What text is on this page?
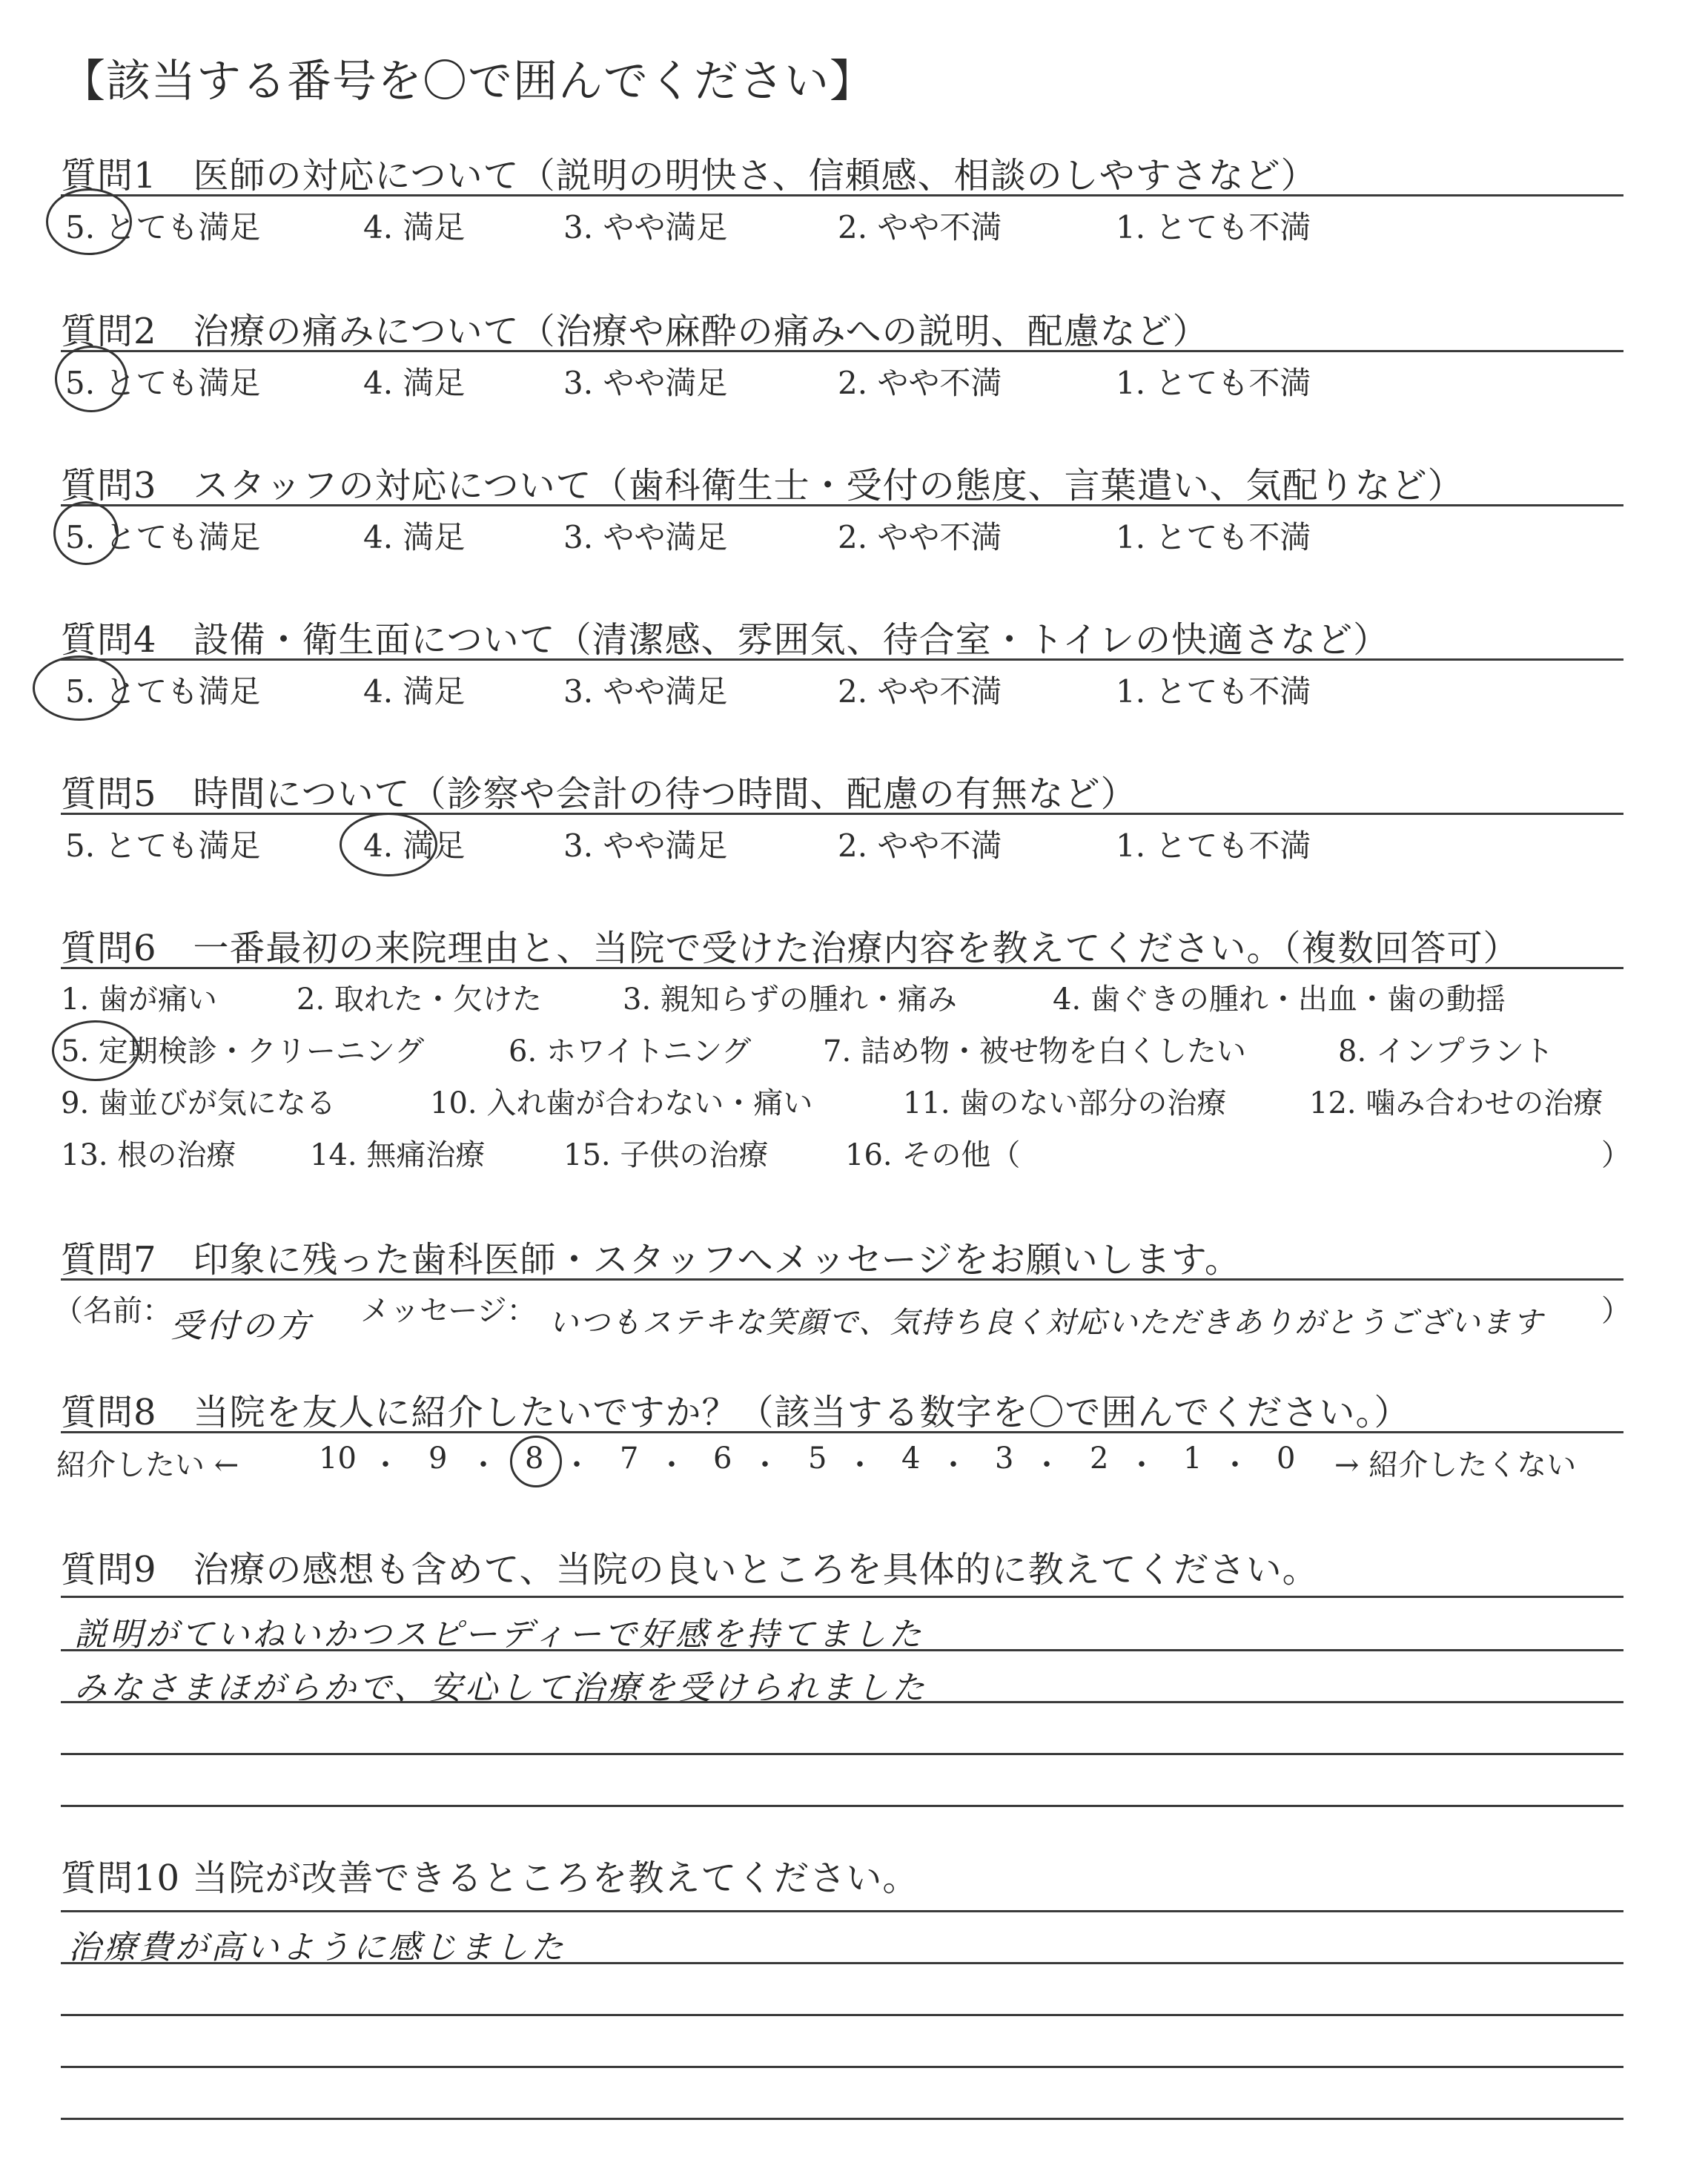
【該当する番号を〇で囲んでください】
質問1　医師の対応について（説明の明快さ、信頼感、相談のしやすさなど）
5. とても満足	4. 満足	3. やや満足	2. やや不満	1. とても不満
質問2　治療の痛みについて（治療や麻酔の痛みへの説明、配慮など）
5. とても満足	4. 満足	3. やや満足	2. やや不満	1. とても不満
質問3　スタッフの対応について（歯科衛生士・受付の態度、言葉遣い、気配りなど）
5. とても満足	4. 満足	3. やや満足	2. やや不満	1. とても不満
質問4　設備・衛生面について（清潔感、雰囲気、待合室・トイレの快適さなど）
5. とても満足	4. 満足	3. やや満足	2. やや不満	1. とても不満
質問5　時間について（診察や会計の待つ時間、配慮の有無など）
5. とても満足	4. 満足	3. やや満足	2. やや不満	1. とても不満
質問6　一番最初の来院理由と、当院で受けた治療内容を教えてください。（複数回答可）
1. 歯が痛い	2. 取れた・欠けた	3. 親知らずの腫れ・痛み	4. 歯ぐきの腫れ・出血・歯の動揺
5. 定期検診・クリーニング	6. ホワイトニング 7. 詰め物・被せ物を白くしたい	8. インプラント
9. 歯並びが気になる	10. 入れ歯が合わない・痛い	11. 歯のない部分の治療	12. 噛み合わせの治療
13. 根の治療 14. 無痛治療	15. 子供の治療	16. その他（	）
質問7　印象に残った歯科医師・スタッフへメッセージをお願いします。
（名前：
受付の方 メッセージ： いつもステキな笑顔で、気持ち良く対応いただきありがとうございます ）
質問8　当院を友人に紹介したいですか？（該当する数字を〇で囲んでください。）
紹介したい ←	10 ・ 9 ・ 8 ・ 7 ・ 6 ・ 5 ・ 4 ・ 3 ・ 2 ・ 1 ・ 0 → 紹介したくない
質問9　治療の感想も含めて、当院の良いところを具体的に教えてください。
説明がていねいかつスピーディーで好感を持てました
みなさまほがらかで、安心して治療を受けられました
質問10 当院が改善できるところを教えてください。
治療費が高いように感じました
